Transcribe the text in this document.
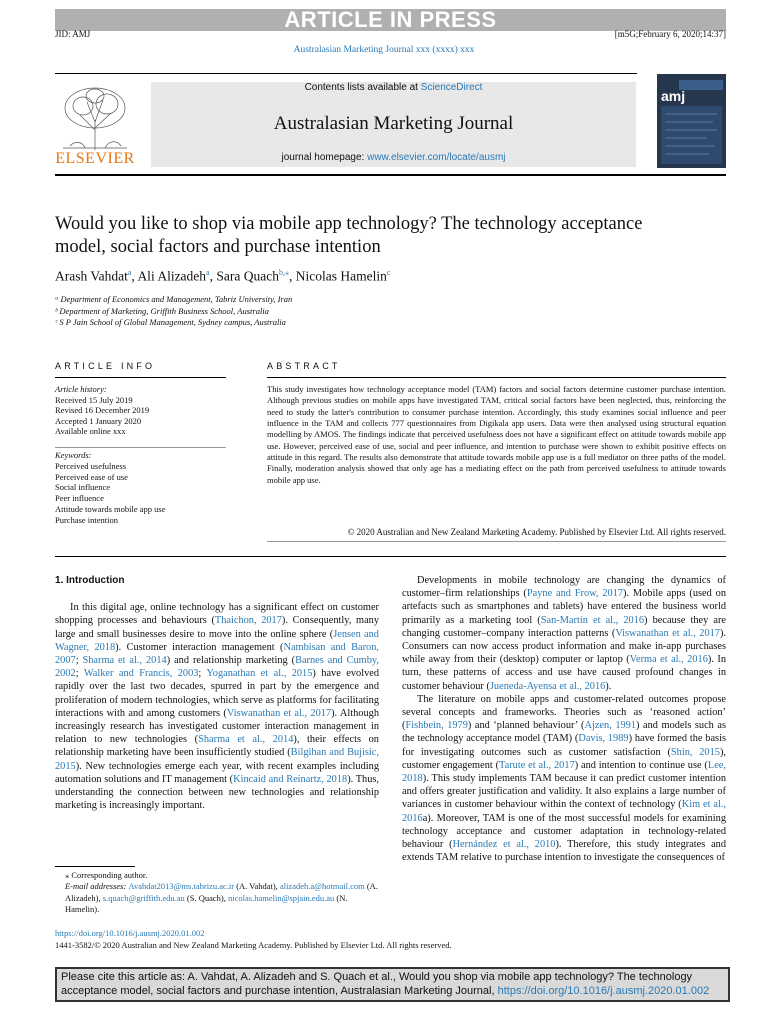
ARTICLE IN PRESS
JID: AMJ	[m5G;February 6, 2020;14:37]
Australasian Marketing Journal xxx (xxxx) xxx
ELSEVIER
Contents lists available at ScienceDirect
Australasian Marketing Journal
journal homepage: www.elsevier.com/locate/ausmj
amj
Would you like to shop via mobile app technology? The technology acceptance model, social factors and purchase intention
Arash Vahdat$^a$, Ali Alizadeh$^a$, Sara Quach$^{b,⁎}$, Nicolas Hamelin$^c$
ᵃ Department of Economics and Management, Tabriz University, Iran
ᵇ Department of Marketing, Griffith Business School, Australia
ᶜ S P Jain School of Global Management, Sydney campus, Australia
ARTICLE INFO	ABSTRACT
Article history:
Received 15 July 2019
Revised 16 December 2019
Accepted 1 January 2020
Available online xxx
Keywords:
Perceived usefulness
Perceived ease of use
Social influence
Peer influence
Attitude towards mobile app use
Purchase intention
This study investigates how technology acceptance model (TAM) factors and social factors determine customer purchase intention. Although previous studies on mobile apps have investigated TAM, critical social factors have been neglected, thus, reinforcing the need to study the latter's contribution to consumer purchase intention. Accordingly, this study examines social influence and peer influence in the TAM and collects 777 questionnaires from Digikala app users. Data were then analysed using structural equation modelling by AMOS. The findings indicate that perceived usefulness does not have a significant effect on attitude towards mobile app use. However, perceived ease of use, social and peer influence, and intention to purchase were shown to exhibit positive effects on attitude in this regard. The results also demonstrate that attitude towards mobile app use is a full mediator on three paths of the model. Finally, moderation analysis showed that only age has a mediating effect on the path from perceived usefulness to attitude towards mobile app use.
© 2020 Australian and New Zealand Marketing Academy. Published by Elsevier Ltd. All rights reserved.
1. Introduction

In this digital age, online technology has a significant effect on customer shopping processes and behaviours (Thaichon, 2017). Consequently, many large and small businesses desire to move into the online sphere (Jensen and Wagner, 2018). Customer interaction management (Nambisan and Baron, 2007; Sharma et al., 2014) and relationship marketing (Barnes and Cumby, 2002; Walker and Francis, 2003; Yoganathan et al., 2015) have evolved rapidly over the last two decades, spurred in part by the emergence and proliferation of modern technologies, which serve as platforms for facilitating interactions with and among customers (Viswanathan et al., 2017). Although increasingly research has investigated customer interaction management in relation to new technologies (Sharma et al., 2014), their effects on relationship marketing have been insufficiently studied (Bilgihan and Bujisic, 2015). New technologies emerge each year, with recent examples including automation solutions and IT management (Kincaid and Reinartz, 2018). Thus, understanding the connection between new technologies and relationship marketing is increasingly important.

Developments in mobile technology are changing the dynamics of customer–firm relationships (Payne and Frow, 2017). Mobile apps (used on artefacts such as smartphones and tablets) have entered the business world primarily as a marketing tool (San-Martín et al., 2016) because they are changing customer–company interaction patterns (Viswanathan et al., 2017). Consumers can now access product information and make in-app purchases while away from their (desktop) computer or laptop (Verma et al., 2016). In turn, these patterns of access and use have caused profound changes in customer behaviour (Jueneda-Ayensa et al., 2016).

The literature on mobile apps and customer-related outcomes propose several concepts and frameworks. Theories such as ‘reasoned action’ (Fishbein, 1979) and ‘planned behaviour’ (Ajzen, 1991) and models such as the technology acceptance model (TAM) (Davis, 1989) have formed the basis for investigating outcomes such as customer satisfaction (Shin, 2015), customer engagement (Tarute et al., 2017) and intention to continue use (Lee, 2018). This study implements TAM because it can predict customer intention and offers greater justification and validity. It also explains a large number of variances in customer behaviour within the context of technology (Kim et al., 2016a). Moreover, TAM is one of the most successful models for examining technology acceptance and customer adaptation in technology-related behaviour (Hernández et al., 2010). Therefore, this study integrates and extends TAM relative to purchase intention to investigate the consequences of

⁎ Corresponding author.
E-mail addresses: Avahdat2013@ms.tabrizu.ac.ir (A. Vahdat), alizadeh.a@hotmail.com (A. Alizadeh), s.quach@griffith.edu.au (S. Quach), nicolas.hamelin@spjain.edu.au (N. Hamelin).
https://doi.org/10.1016/j.ausmj.2020.01.002
1441-3582/© 2020 Australian and New Zealand Marketing Academy. Published by Elsevier Ltd. All rights reserved.
Please cite this article as: A. Vahdat, A. Alizadeh and S. Quach et al., Would you shop via mobile app technology? The technology acceptance model, social factors and purchase intention, Australasian Marketing Journal, https://doi.org/10.1016/j.ausmj.2020.01.002
